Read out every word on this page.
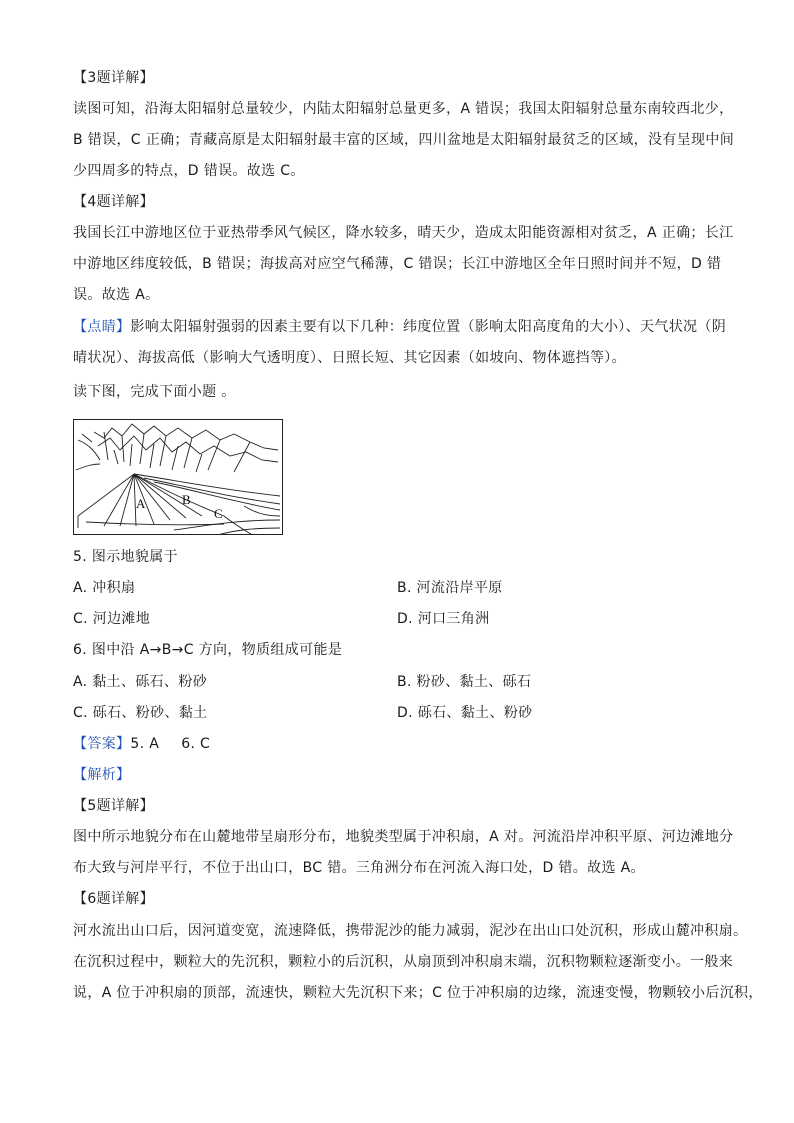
【3题详解】
读图可知，沿海太阳辐射总量较少，内陆太阳辐射总量更多，A 错误；我国太阳辐射总量东南较西北少，
B 错误，C 正确；青藏高原是太阳辐射最丰富的区域，四川盆地是太阳辐射最贫乏的区域，没有呈现中间
少四周多的特点，D 错误。故选 C。
【4题详解】
我国长江中游地区位于亚热带季风气候区，降水较多，晴天少，造成太阳能资源相对贫乏，A 正确；长江
中游地区纬度较低，B 错误；海拔高对应空气稀薄，C 错误；长江中游地区全年日照时间并不短，D 错
误。故选 A。
【点睛】影响太阳辐射强弱的因素主要有以下几种：纬度位置（影响太阳高度角的大小）、天气状况（阴
晴状况）、海拔高低（影响大气透明度）、日照长短、其它因素（如坡向、物体遮挡等）。
读下图，完成下面小题 。
A	B
C
5. 图示地貌属于
A. 冲积扇	B. 河流沿岸平原
C. 河边滩地	D. 河口三角洲
6. 图中沿 A→B→C 方向，物质组成可能是
A. 黏土、砾石、粉砂	B. 粉砂、黏土、砾石
C. 砾石、粉砂、黏土	D. 砾石、黏土、粉砂
【答案】5. A 6. C
【解析】
【5题详解】
图中所示地貌分布在山麓地带呈扇形分布，地貌类型属于冲积扇，A 对。河流沿岸冲积平原、河边滩地分
布大致与河岸平行，不位于出山口，BC 错。三角洲分布在河流入海口处，D 错。故选 A。
【6题详解】
河水流出山口后，因河道变宽，流速降低，携带泥沙的能力减弱，泥沙在出山口处沉积，形成山麓冲积扇。
在沉积过程中，颗粒大的先沉积，颗粒小的后沉积，从扇顶到冲积扇末端，沉积物颗粒逐渐变小。一般来
说，A 位于冲积扇的顶部，流速快，颗粒大先沉积下来；C 位于冲积扇的边缘，流速变慢，物颗较小后沉积，
